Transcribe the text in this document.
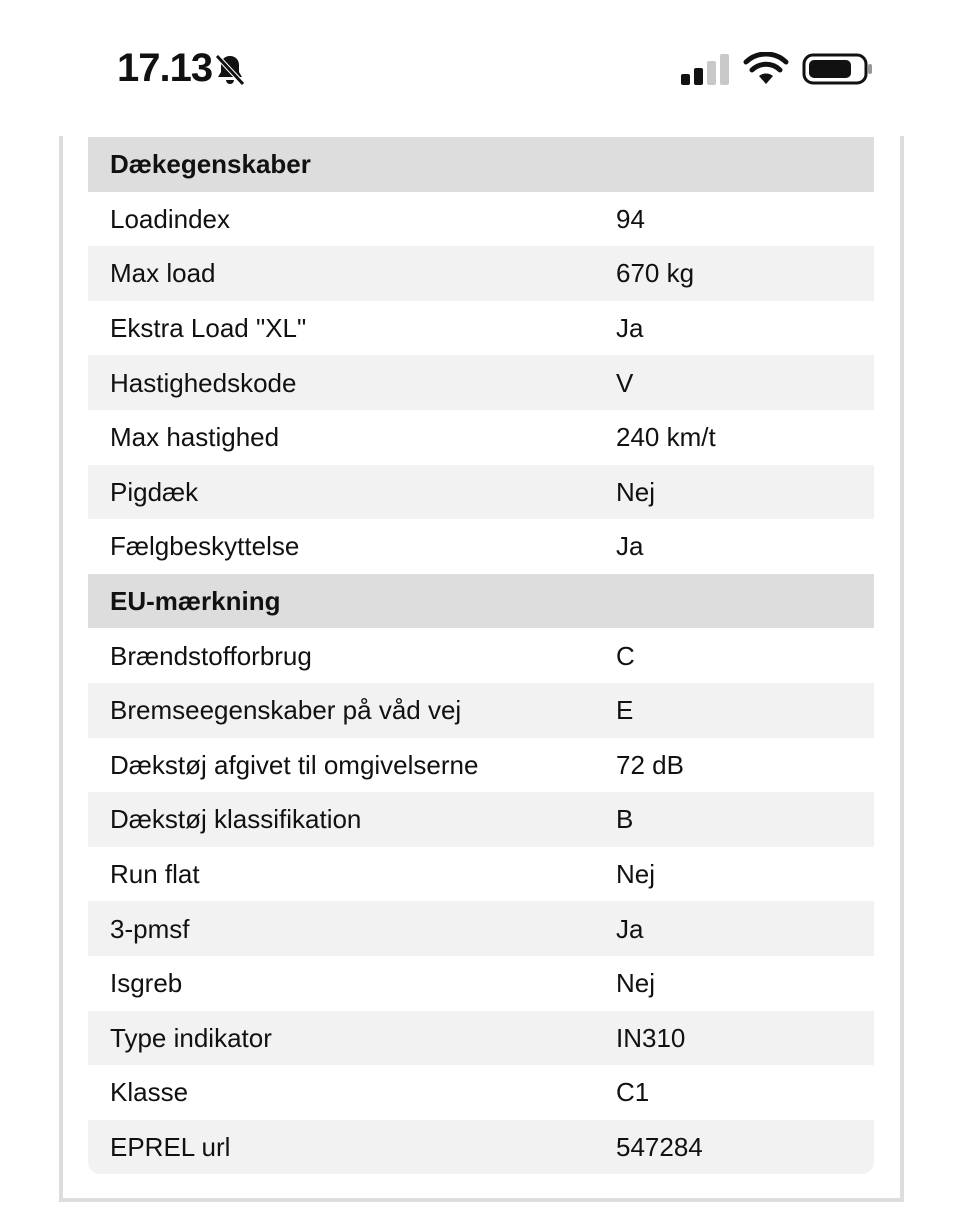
17.13
Dækegenskaber
Loadindex	94
Max load	670 kg
Ekstra Load "XL"	Ja
Hastighedskode	V
Max hastighed	240 km/t
Pigdæk	Nej
Fælgbeskyttelse	Ja
EU-mærkning
Brændstofforbrug	C
Bremseegenskaber på våd vej	E
Dækstøj afgivet til omgivelserne	72 dB
Dækstøj klassifikation	B
Run flat	Nej
3-pmsf	Ja
Isgreb	Nej
Type indikator	IN310
Klasse	C1
EPREL url	547284
